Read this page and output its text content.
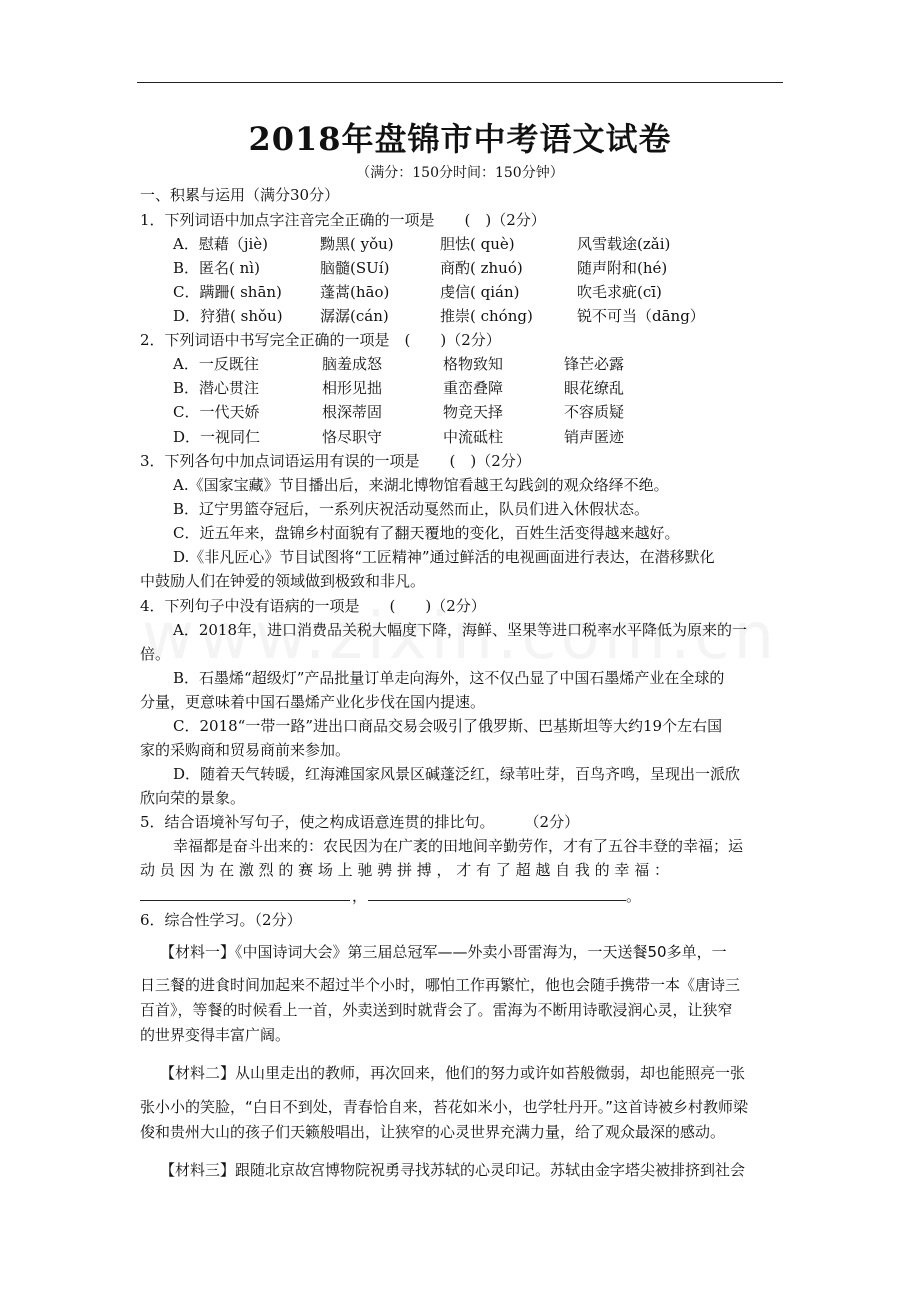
2018年盘锦市中考语文试卷
（满分：150分时间：150分钟）
一、积累与运用（满分30分）
1．下列词语中加点字注音完全正确的一项是　　(　)（2分）
A．慰藉（jiè)	黝黑( yǒu)	胆怯( què)	风雪载途(zǎi)
B．匿名( nì)	脑髓(SUí)	商酌( zhuó)	随声附和(hé)
C．蹒跚( shān)	蓬蒿(hāo)	虔信( qián)	吹毛求疵(cī)
D．狩猎( shǒu) 潺潺(cán)	推崇( chóng)	锐不可当（dāng）
2．下列词语中书写完全正确的一项是　(　　)（2分）
A．一反既往	脑羞成怒	格物致知	锋芒必露
B．潜心贯注	相形见拙	重峦叠障	眼花缭乱
C．一代天娇	根深蒂固	物竞天择	不容质疑
D．一视同仁	恪尽职守	中流砥柱	销声匿迹
3．下列各句中加点词语运用有误的一项是　　(　)（2分）
A.《国家宝藏》节目播出后，来湖北博物馆看越王勾践剑的观众络绎不绝。
B．辽宁男篮夺冠后，一系列庆祝活动戛然而止，队员们进入休假状态。
C．近五年来，盘锦乡村面貌有了翻天覆地的变化，百姓生活变得越来越好。
D.《非凡匠心》节目试图将“工匠精神”通过鲜活的电视画面进行表达，在潜移默化
中鼓励人们在钟爱的领域做到极致和非凡。
4．下列句子中没有语病的一项是　　(　　)（2分）
A．2018年，进口消费品关税大幅度下降，海鲜、坚果等进口税率水平降低为原来的一
倍。
B．石墨烯“超级灯”产品批量订单走向海外，这不仅凸显了中国石墨烯产业在全球的
分量，更意味着中国石墨烯产业化步伐在国内提速。
C．2018“一带一路”进出口商品交易会吸引了俄罗斯、巴基斯坦等大约19个左右国
家的采购商和贸易商前来参加。
D．随着天气转暖，红海滩国家风景区碱蓬泛红，绿苇吐芽，百鸟齐鸣，呈现出一派欣
欣向荣的景象。
5．结合语境补写句子，使之构成语意连贯的排比句。　　　（2分）
幸福都是奋斗出来的：农民因为在广袤的田地间辛勤劳作，才有了五谷丰登的幸福；运
动 员 因 为 在 激 烈 的 赛 场 上 驰 骋 拼 搏 ， 才 有 了 超 越 自 我 的 幸 福 ：
，	。
6．综合性学习。（2分）
【材料一】《中国诗词大会》第三届总冠军——外卖小哥雷海为，一天送餐50多单，一
日三餐的进食时间加起来不超过半个小时，哪怕工作再繁忙，他也会随手携带一本《唐诗三
百首》，等餐的时候看上一首，外卖送到时就背会了。雷海为不断用诗歌浸润心灵，让狭窄
的世界变得丰富广阔。
【材料二】从山里走出的教师，再次回来，他们的努力或许如苔般微弱，却也能照亮一张
张小小的笑脸，“白日不到处，青春恰自来，苔花如米小，也学牡丹开。”这首诗被乡村教师梁
俊和贵州大山的孩子们天籁般唱出，让狭窄的心灵世界充满力量，给了观众最深的感动。
【材料三】跟随北京故宫博物院祝勇寻找苏轼的心灵印记。苏轼由金字塔尖被排挤到社会
